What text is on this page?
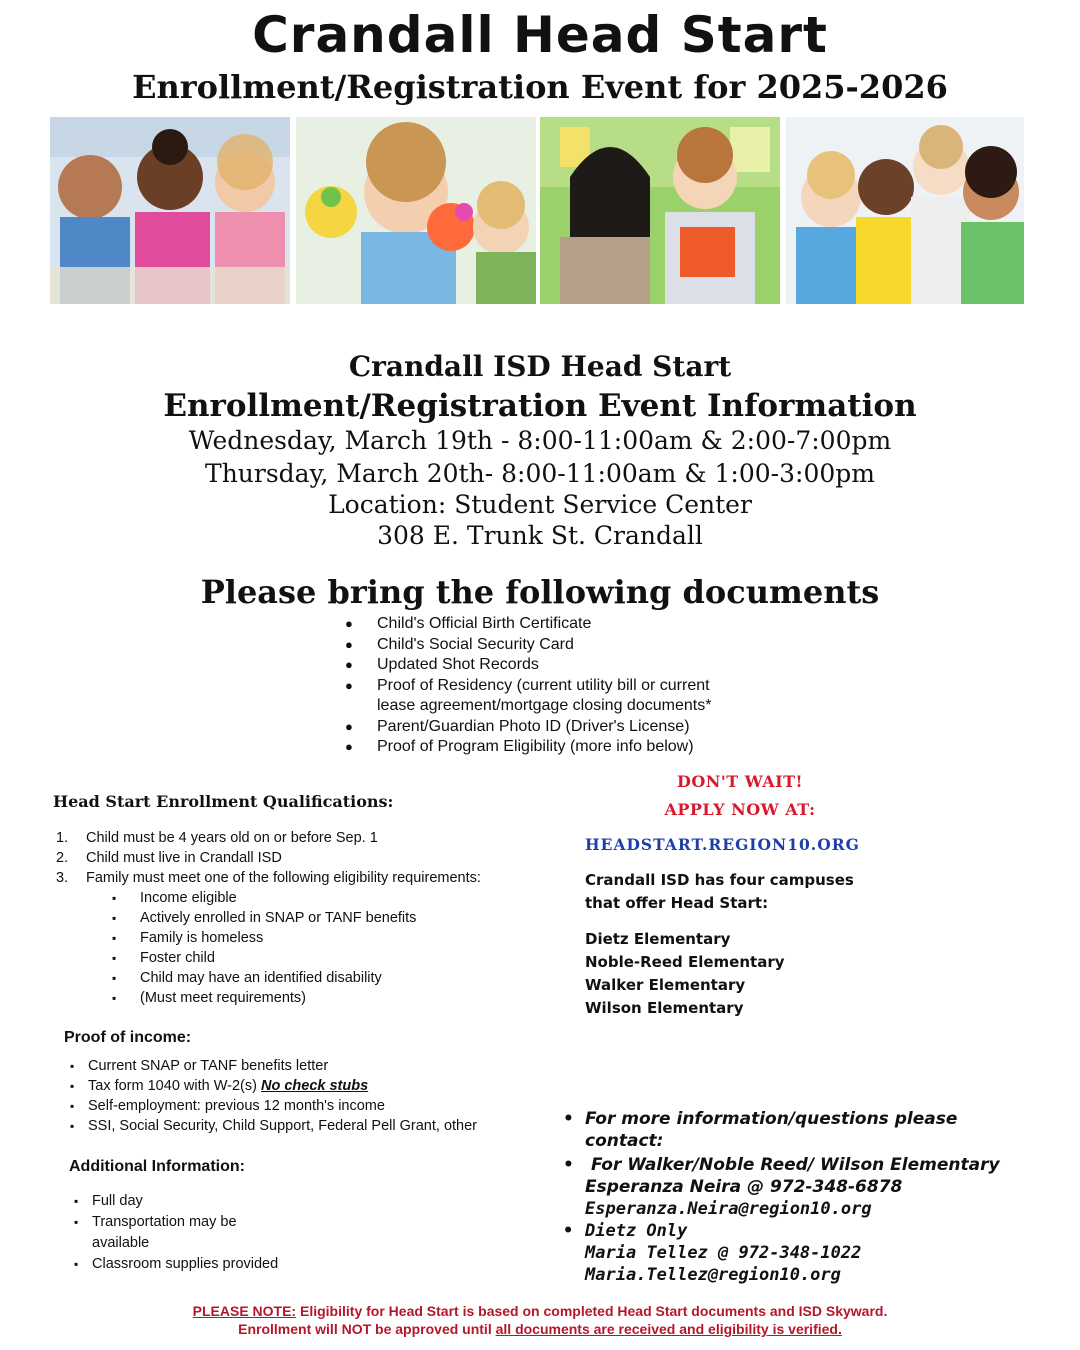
Crandall Head Start
Enrollment/Registration Event for 2025-2026
Crandall ISD Head Start
Enrollment/Registration Event Information
Wednesday, March 19th - 8:00-11:00am & 2:00-7:00pm
Thursday, March 20th- 8:00-11:00am & 1:00-3:00pm
Location: Student Service Center
308 E. Trunk St. Crandall
Please bring the following documents
● Child's Official Birth Certificate
● Child's Social Security Card
● Updated Shot Records
● Proof of Residency (current utility bill or current
lease agreement/mortgage closing documents*
● Parent/Guardian Photo ID (Driver's License)
● Proof of Program Eligibility (more info below)
Head Start Enrollment Qualifications:
1. Child must be 4 years old on or before Sep. 1
2. Child must live in Crandall ISD
3. Family must meet one of the following eligibility requirements:
▪ Income eligible
▪ Actively enrolled in SNAP or TANF benefits
▪ Family is homeless
▪ Foster child
▪ Child may have an identified disability
▪ (Must meet requirements)
Proof of income:
▪ Current SNAP or TANF benefits letter
▪ Tax form 1040 with W-2(s) No check stubs
▪ Self-employment: previous 12 month's income
▪ SSI, Social Security, Child Support, Federal Pell Grant, other
Additional Information:
▪ Full day
▪ Transportation may be
available
▪ Classroom supplies provided
DON'T WAIT!
APPLY NOW AT:
HEADSTART.REGION10.ORG
Crandall ISD has four campuses
that offer Head Start:
Dietz Elementary
Noble-Reed Elementary
Walker Elementary
Wilson Elementary
• For more information/questions please
contact:
• For Walker/Noble Reed/ Wilson Elementary
Esperanza Neira @ 972-348-6878
Esperanza.Neira@region10.org
• Dietz Only
Maria Tellez @ 972-348-1022
Maria.Tellez@region10.org
PLEASE NOTE: Eligibility for Head Start is based on completed Head Start documents and ISD Skyward.
Enrollment will NOT be approved until all documents are received and eligibility is verified.
